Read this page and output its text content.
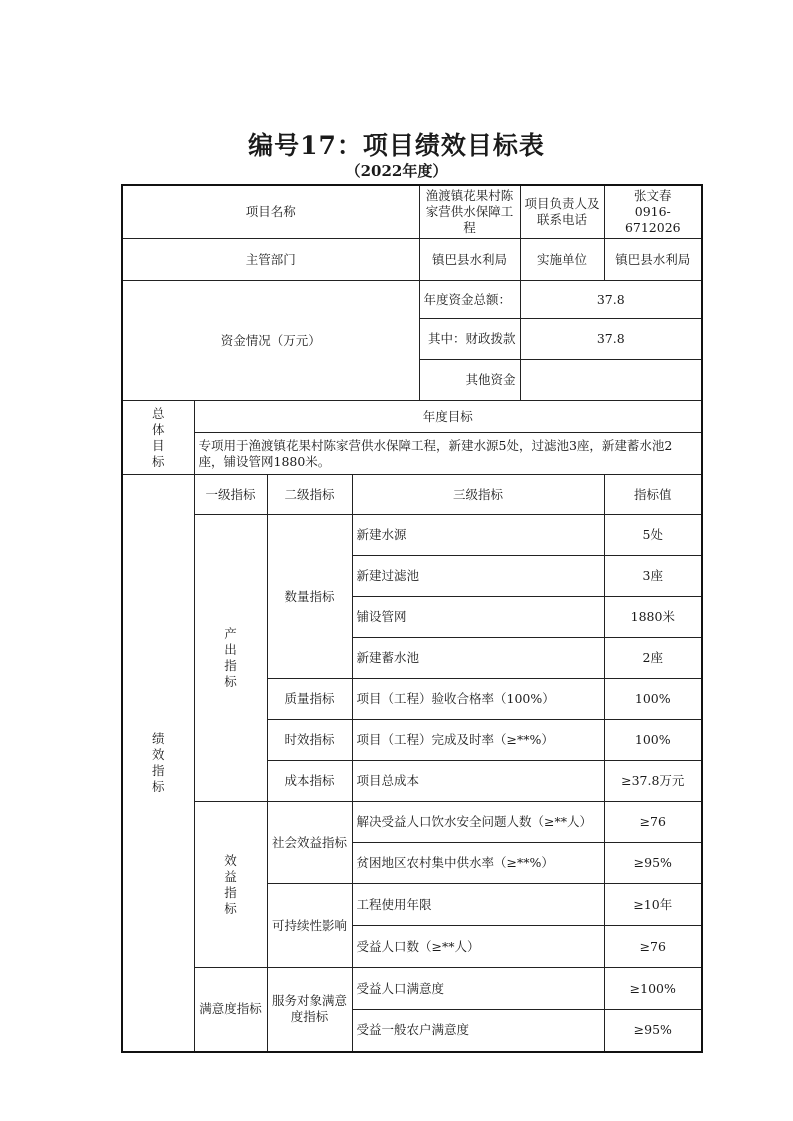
编号17：项目绩效目标表
（2022年度）
项目名称				渔渡镇花果村陈家营供水保障工程	项目负责人及联系电话	张文春
0916-6712026

主管部门				镇巴县水利局	实施单位	镇巴县水利局
资金情况（万元）				年度资金总额：	37.8	
				其中：财政拨款	37.8	
				其他资金		

总体目标	年度目标					
	专项用于渔渡镇花果村陈家营供水保障工程，新建水源5处，过滤池3座，新建蓄水池2座，铺设管网1880米。					

绩效指标	一级指标	二级指标	三级指标			指标值

	产出指标	数量指标	新建水源			5处
			新建过滤池			3座
			铺设管网			1880米
			新建蓄水池			2座
		质量指标	项目（工程）验收合格率（100%）			100%
		时效指标	项目（工程）完成及时率（≥**%）			100%
		成本指标	项目总成本			≥37.8万元

	效益指标	社会效益指标	解决受益人口饮水安全问题人数（≥**人）			≥76
			贫困地区农村集中供水率（≥**%）			≥95%
		可持续性影响	工程使用年限			≥10年
			受益人口数（≥**人）			≥76
	满意度指标	服务对象满意度指标	受益人口满意度			≥100%
			受益一般农户满意度			≥95%
